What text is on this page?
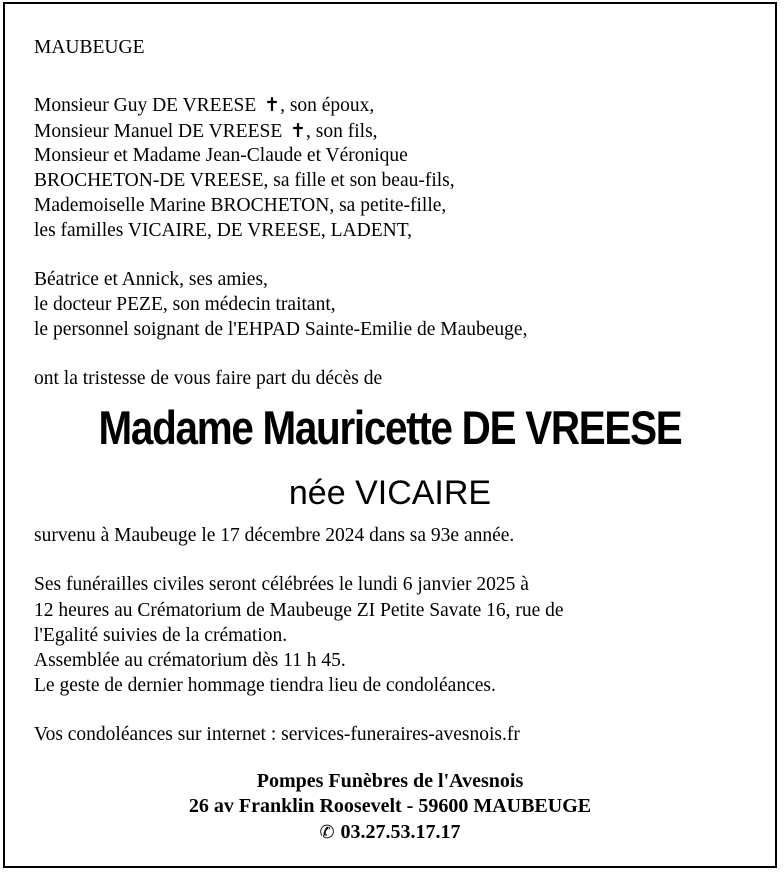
MAUBEUGE
Monsieur Guy DE VREESE ✝, son époux,
Monsieur Manuel DE VREESE ✝, son fils,
Monsieur et Madame Jean-Claude et Véronique
BROCHETON-DE VREESE, sa fille et son beau-fils,
Mademoiselle Marine BROCHETON, sa petite-fille,
les familles VICAIRE, DE VREESE, LADENT,
Béatrice et Annick, ses amies,
le docteur PEZE, son médecin traitant,
le personnel soignant de l'EHPAD Sainte-Emilie de Maubeuge,
ont la tristesse de vous faire part du décès de
Madame Mauricette DE VREESE
née VICAIRE
survenu à Maubeuge le 17 décembre 2024 dans sa 93e année.
Ses funérailles civiles seront célébrées le lundi 6 janvier 2025 à
12 heures au Crématorium de Maubeuge ZI Petite Savate 16, rue de
l'Egalité suivies de la crémation.
Assemblée au crématorium dès 11 h 45.
Le geste de dernier hommage tiendra lieu de condoléances.
Vos condoléances sur internet : services-funeraires-avesnois.fr
Pompes Funèbres de l'Avesnois
26 av Franklin Roosevelt - 59600 MAUBEUGE
✆ 03.27.53.17.17
